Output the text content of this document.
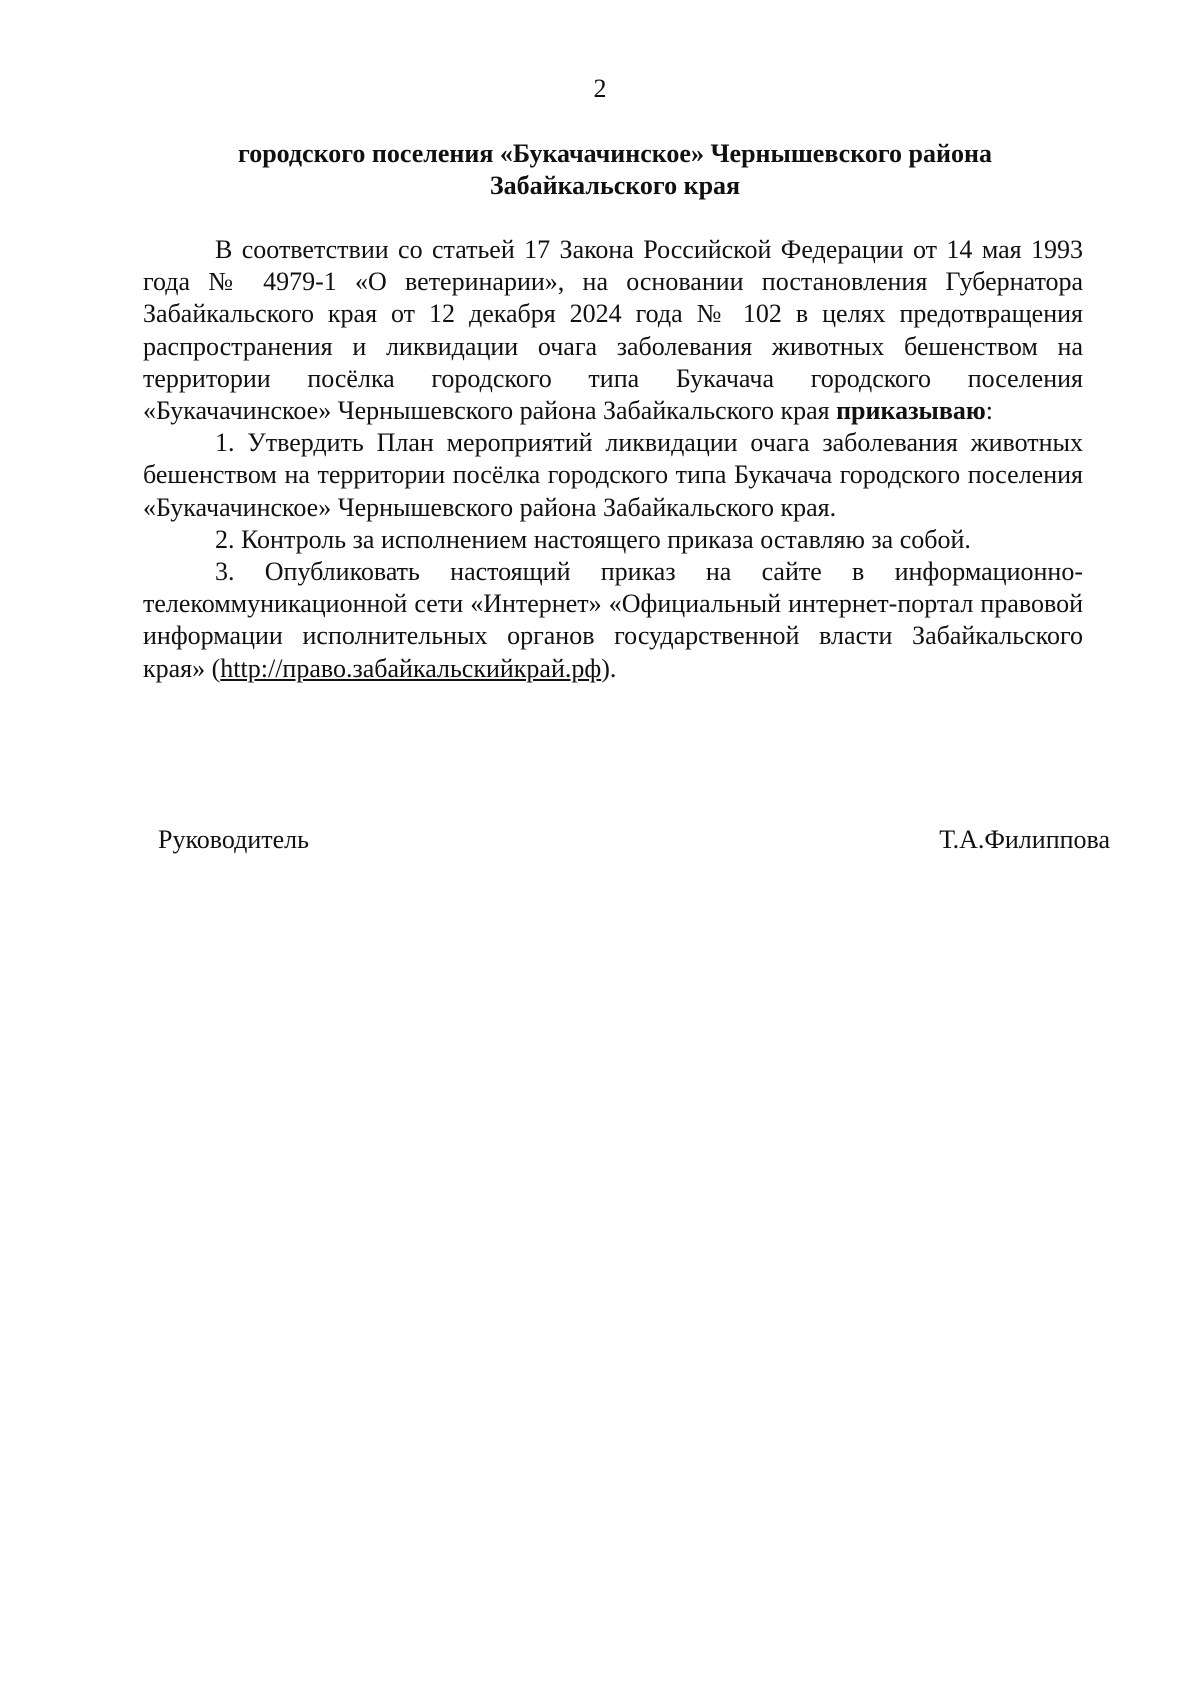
2
городского поселения «Букачачинское» Чернышевского района
Забайкальского края

В соответствии со статьей 17 Закона Российской Федерации от 14 мая 1993 года № 4979-1 «О ветеринарии», на основании постановления Губернатора Забайкальского края от 12 декабря 2024 года № 102 в целях предотвращения распространения и ликвидации очага заболевания животных бешенством на территории посёлка городского типа Букачача городского поселения «Букачачинское» Чернышевского района Забайкальского края приказываю:

1. Утвердить План мероприятий ликвидации очага заболевания животных бешенством на территории посёлка городского типа Букачача городского поселения «Букачачинское» Чернышевского района Забайкальского края.

2. Контроль за исполнением настоящего приказа оставляю за собой.

3. Опубликовать настоящий приказ на сайте в информационно-телекоммуникационной сети «Интернет» «Официальный интернет-портал правовой информации исполнительных органов государственной власти Забайкальского края» (http://право.забайкальскийкрай.рф).

Руководитель	Т.А.Филиппова
